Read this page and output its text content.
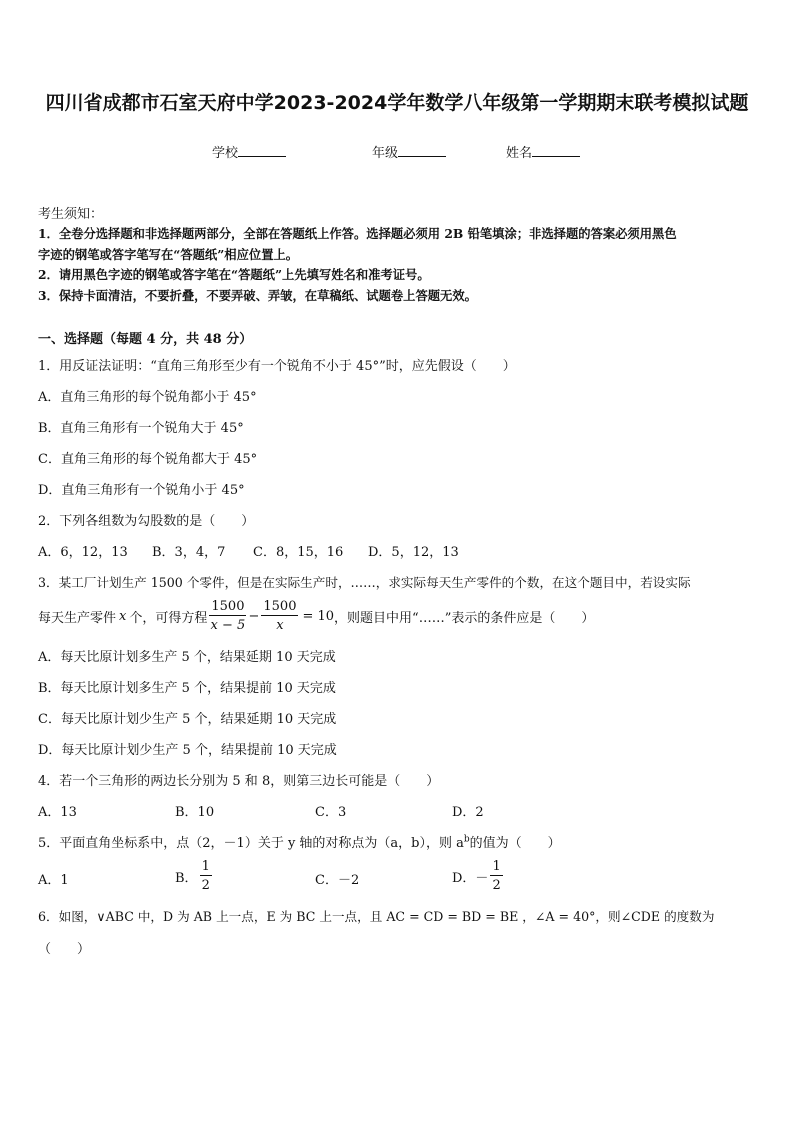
四川省成都市石室天府中学2023-2024学年数学八年级第一学期期末联考模拟试题
学校	年级	姓名
考生须知：
1．全卷分选择题和非选择题两部分，全部在答题纸上作答。选择题必须用 2B 铅笔填涂；非选择题的答案必须用黑色
字迹的钢笔或答字笔写在“答题纸”相应位置上。
2．请用黑色字迹的钢笔或答字笔在“答题纸”上先填写姓名和准考证号。
3．保持卡面清洁，不要折叠，不要弄破、弄皱，在草稿纸、试题卷上答题无效。
一、选择题（每题 4 分，共 48 分）
1．用反证法证明：“直角三角形至少有一个锐角不小于 45°”时，应先假设（　　）
A．直角三角形的每个锐角都小于 45°
B．直角三角形有一个锐角大于 45°
C．直角三角形的每个锐角都大于 45°
D．直角三角形有一个锐角小于 45°
2．下列各组数为勾股数的是（　　）
A．6，12，13 B．3，4，7 C．8，15，16 D．5，12，13
3．某工厂计划生产 1500 个零件，但是在实际生产时，……，求实际每天生产零件的个数，在这个题目中，若设实际
每天生产零件 x 个，可得方程 $\frac{1500}{x - 5} - \frac{1500}{x} = 10$ ，则题目中用“……”表示的条件应是（　　）
A．每天比原计划多生产 5 个，结果延期 10 天完成
B．每天比原计划多生产 5 个，结果提前 10 天完成
C．每天比原计划少生产 5 个，结果延期 10 天完成
D．每天比原计划少生产 5 个，结果提前 10 天完成
4．若一个三角形的两边长分别为 5 和 8，则第三边长可能是（　　）
A．13	B．10	C．3	D．2
5．平面直角坐标系中，点（2，－1）关于 y 轴的对称点为（a，b），则 $a^b$的值为（　　）
A．1	B． $\frac{1}{2}$	C．－2	D．－ $\frac{1}{2}$
6．如图，∨ABC 中，D 为 AB 上一点，E 为 BC 上一点，且 AC = CD = BD = BE ，∠A = 40°，则∠CDE 的度数为
（　　）
